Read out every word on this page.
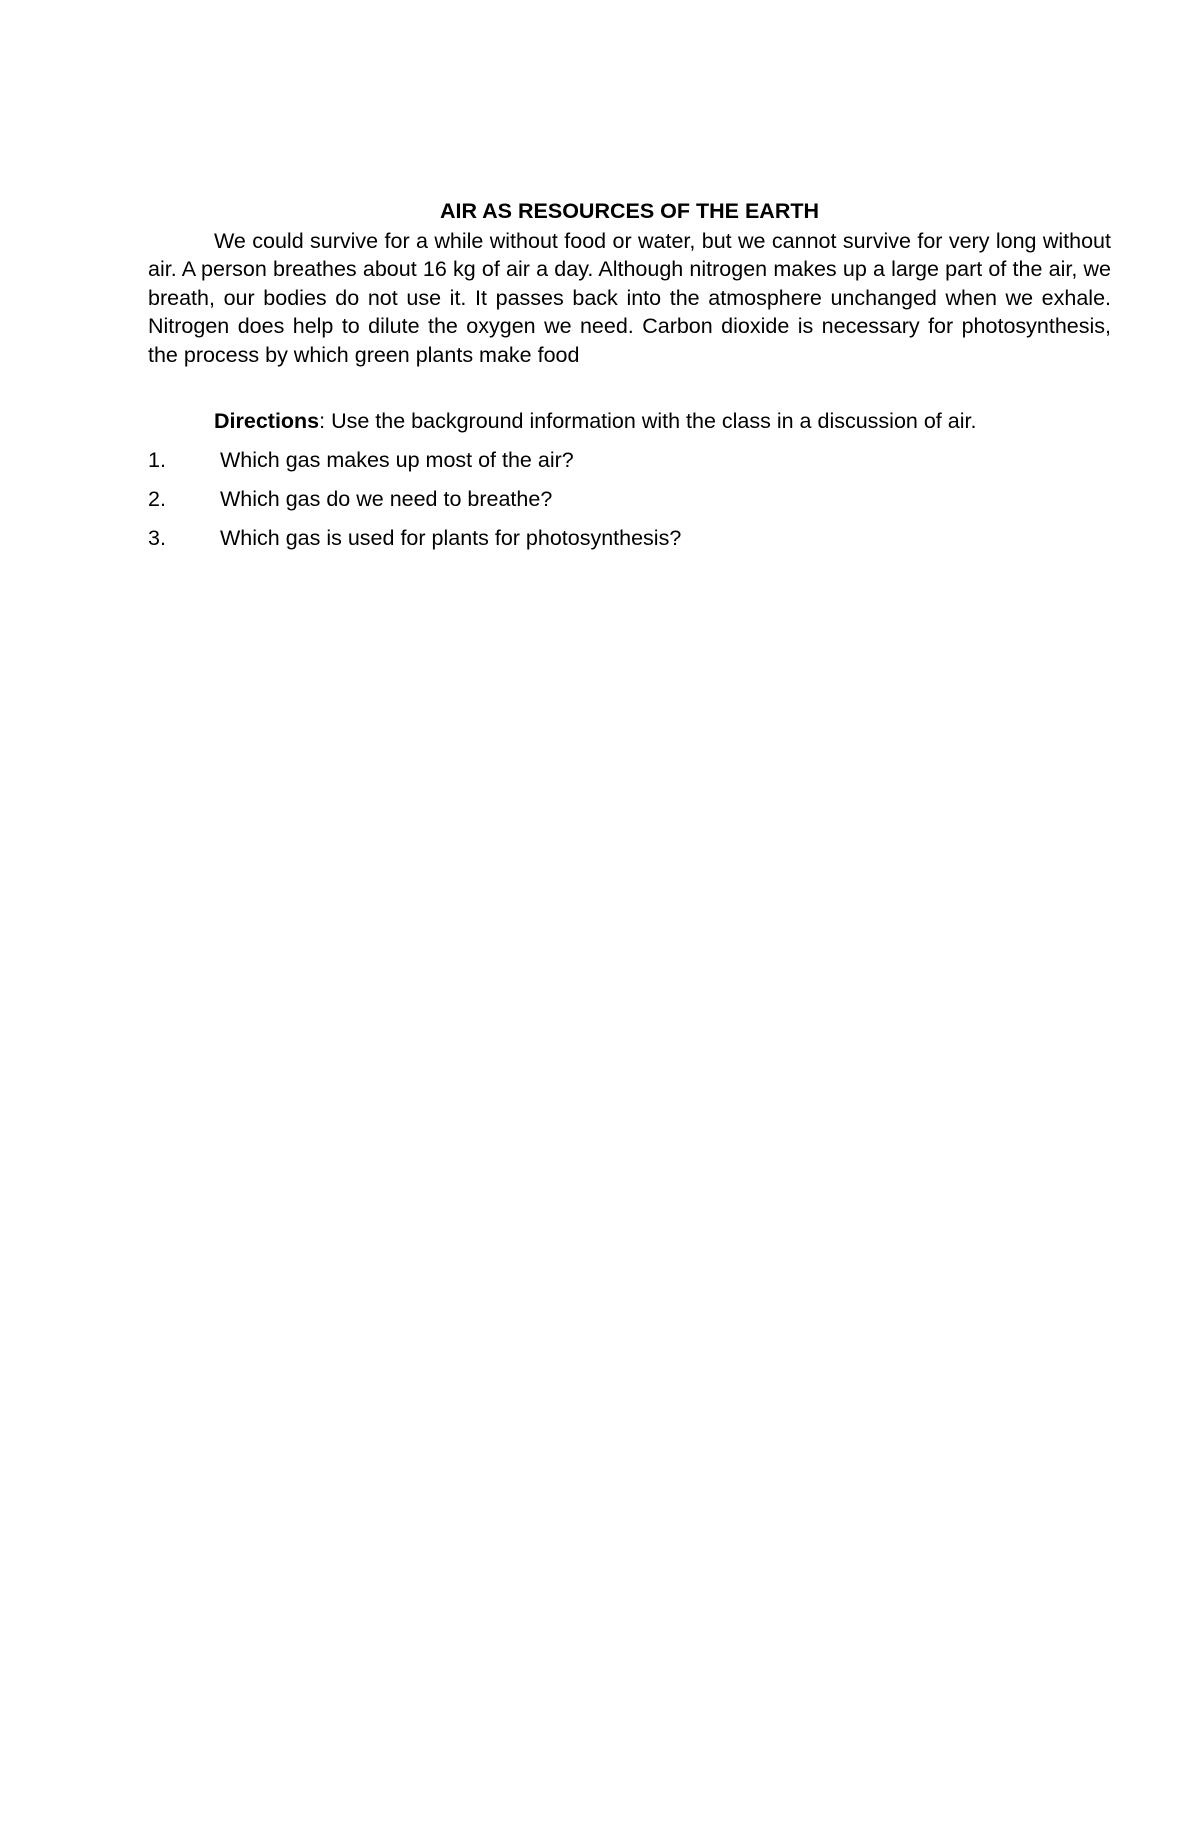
AIR AS RESOURCES OF THE EARTH

We could survive for a while without food or water, but we cannot survive for very long without air. A person breathes about 16 kg of air a day. Although nitrogen makes up a large part of the air, we breath, our bodies do not use it. It passes back into the atmosphere unchanged when we exhale. Nitrogen does help to dilute the oxygen we need. Carbon dioxide is necessary for photosynthesis, the process by which green plants make food

Directions: Use the background information with the class in a discussion of air.

1.	Which gas makes up most of the air?
2.	Which gas do we need to breathe?
3.	Which gas is used for plants for photosynthesis?
